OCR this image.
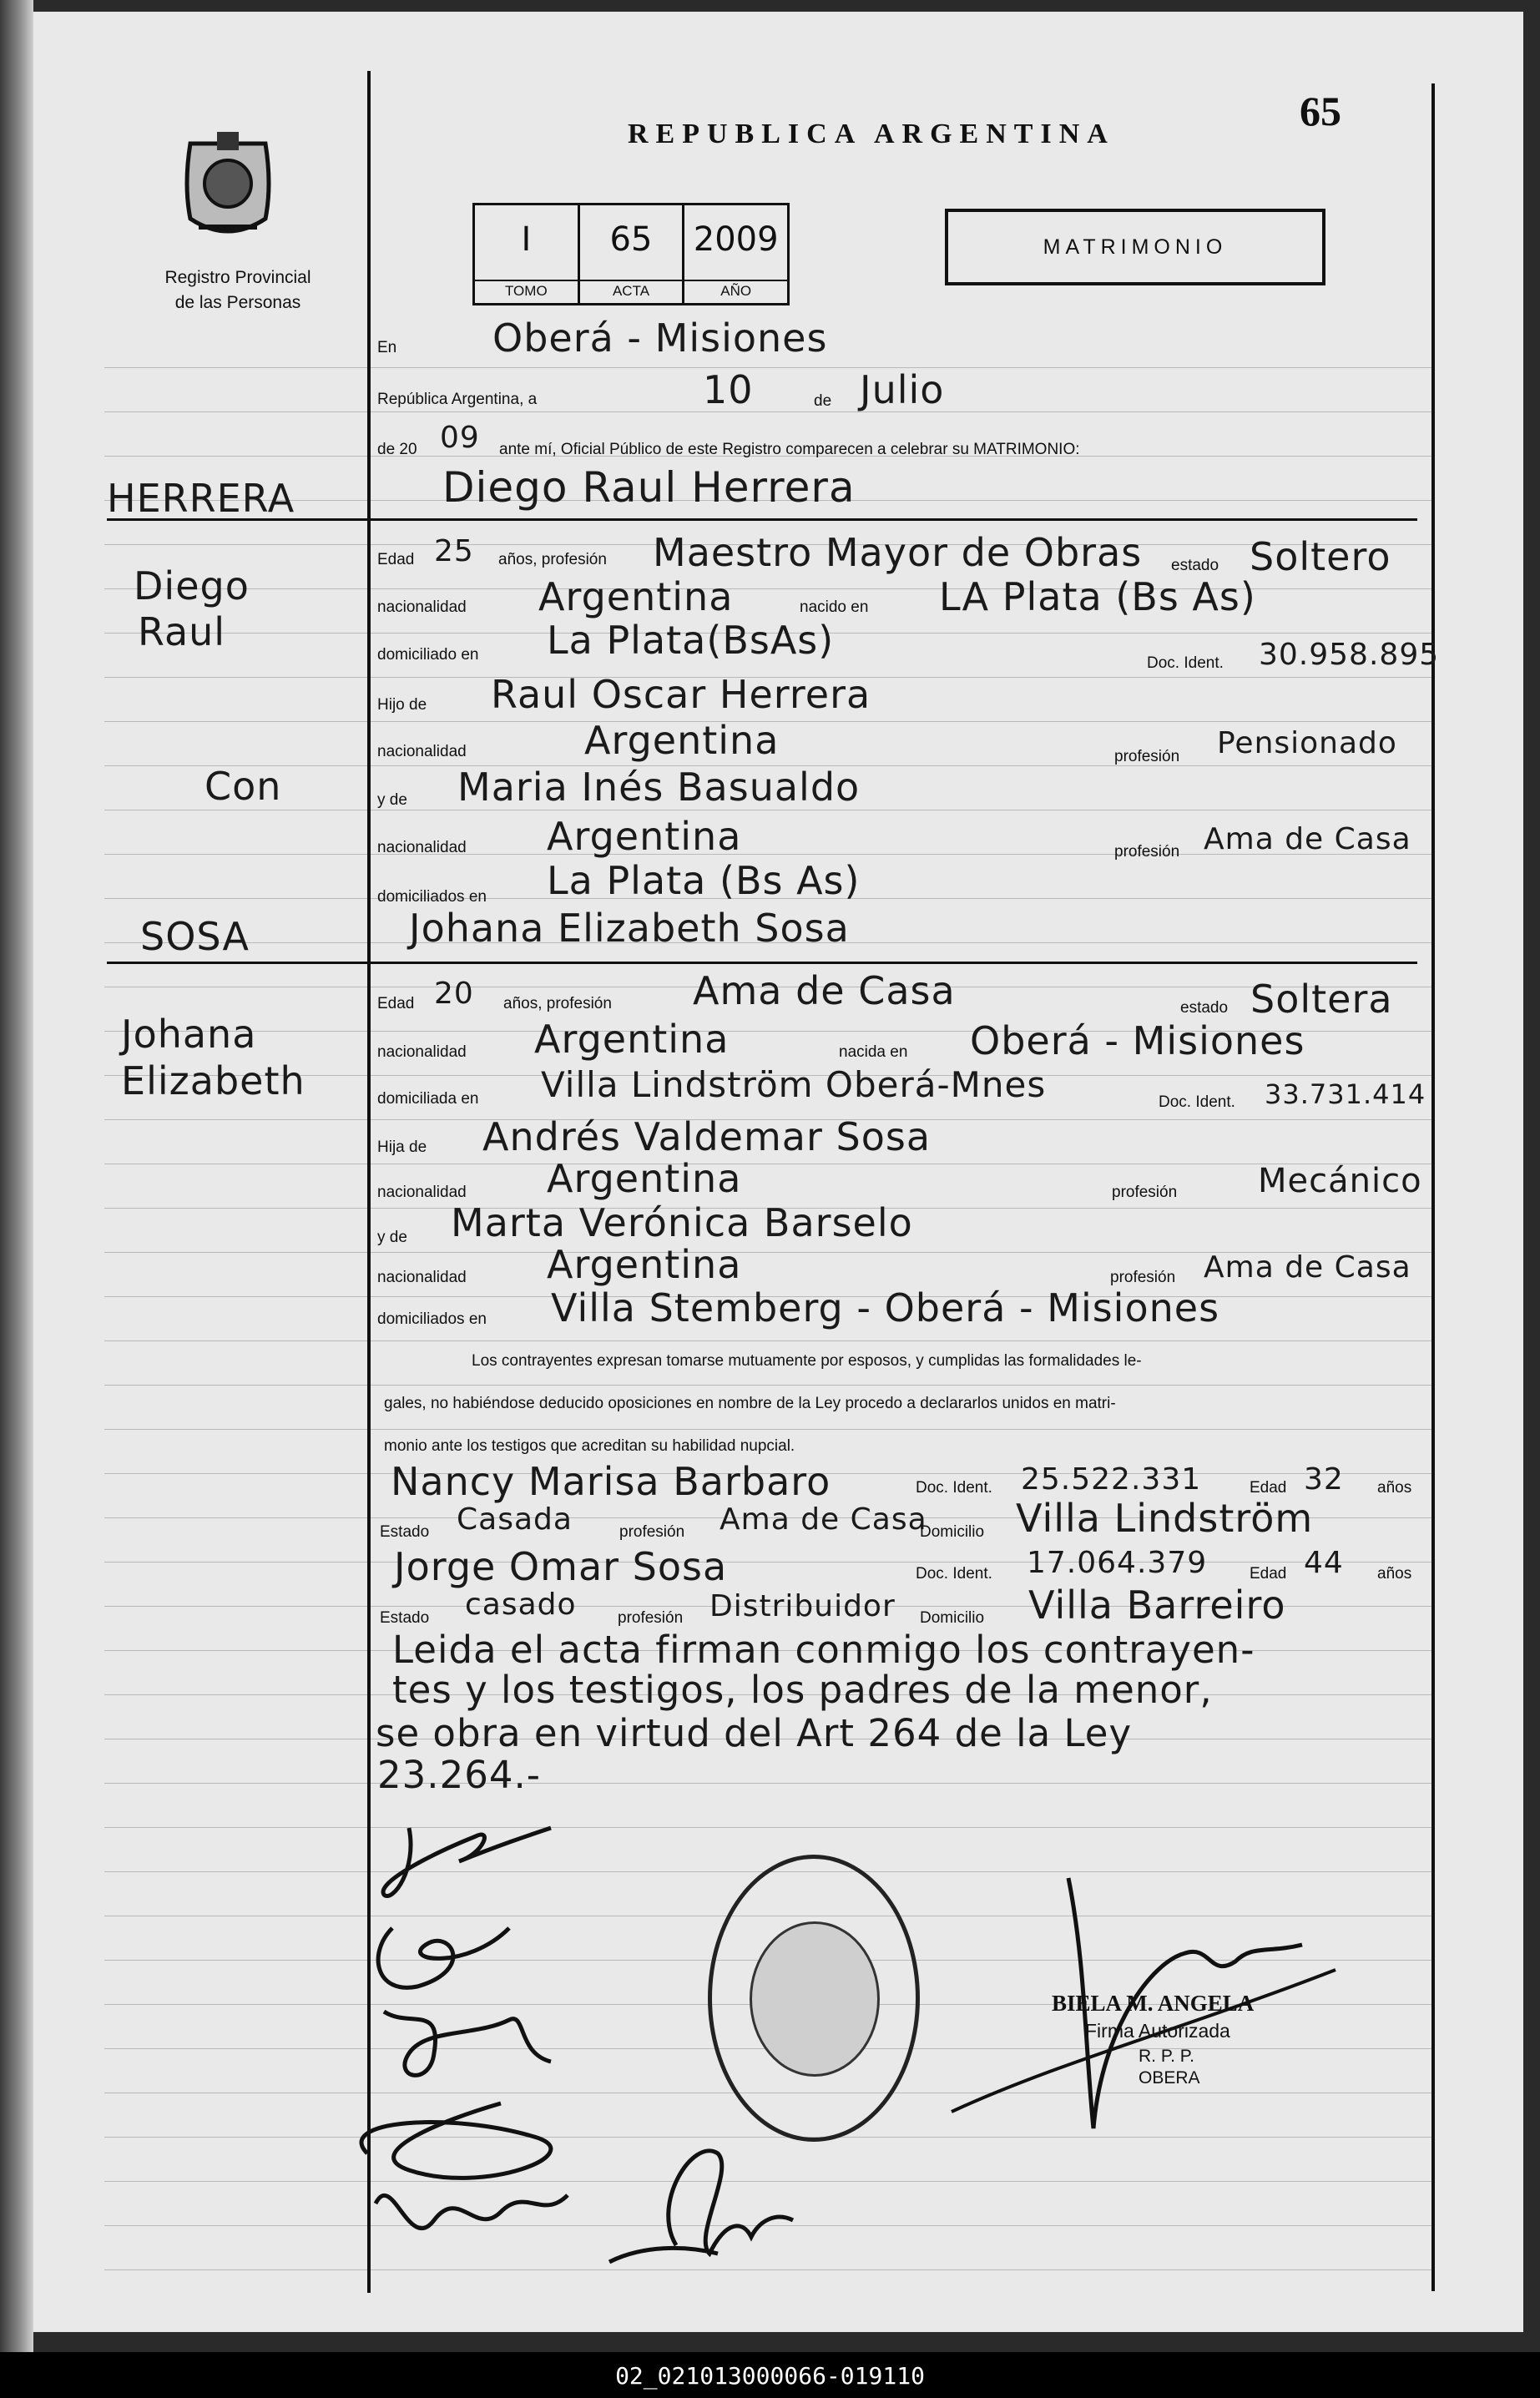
REPUBLICA ARGENTINA	65
MATRIMONIO
I
TOMO
65
ACTA
2009
AÑO
Registro Provincial
de las Personas
En Oberá - Misiones
República Argentina, a	10	de Julio
de 20 09 ante mí, Oficial Público de este Registro comparecen a celebrar su MATRIMONIO:
Diego Raul Herrera
Edad 25 años, profesión Maestro Mayor de Obras estado Soltero
nacionalidad Argentina	nacido en LA Plata (Bs As)
domiciliado en La Plata(BsAs)
Doc. Ident. 30.958.895
Hijo de Raul Oscar Herrera
nacionalidad	Argentina	profesión Pensionado
y de Maria Inés Basualdo
nacionalidad Argentina	profesión Ama de Casa
domiciliados en La Plata (Bs As)
Johana Elizabeth Sosa
Edad 20 años, profesión Ama de Casa	estado Soltera
nacionalidad Argentina	nacida en Oberá - Misiones
domiciliada en Villa Lindström Oberá-Mnes	Doc. Ident. 33.731.414
Hija de Andrés Valdemar Sosa
nacionalidad Argentina	profesión Mecánico
y de Marta Verónica Barselo
nacionalidad Argentina	profesión Ama de Casa
domiciliados en Villa Stemberg - Oberá - Misiones
Los contrayentes expresan tomarse mutuamente por esposos, y cumplidas las formalidades le-
gales, no habiéndose deducido oposiciones en nombre de la Ley procedo a declararlos unidos en matri-
monio ante los testigos que acreditan su habilidad nupcial.
Nancy Marisa Barbaro	Doc. Ident. 25.522.331	Edad 32 años
Estado Casada	profesión Ama de Casa
Domicilio Villa Lindström
Jorge Omar Sosa	Doc. Ident. 17.064.379	Edad 44 años
Estado casado	profesión Distribuidor Domicilio Villa Barreiro
Leida el acta firman conmigo los contrayen-
tes y los testigos, los padres de la menor,
se obra en virtud del Art 264 de la Ley
23.264.-
HERRERA
Diego
Raul
Con
SOSA
Johana
Elizabeth
BIELA M. ANGELA
Firma Autorizada
R. P. P.
OBERA
02_021013000066-019110
